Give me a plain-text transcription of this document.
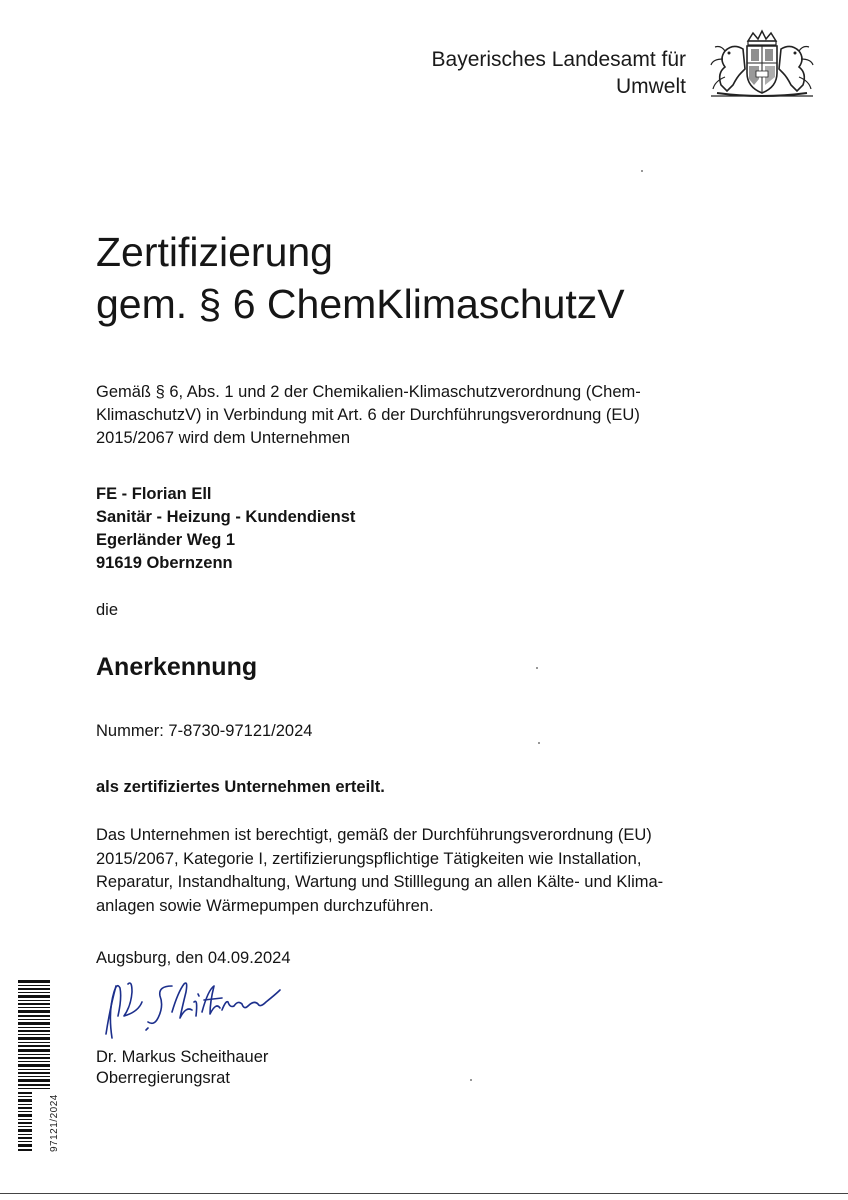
Bayerisches Landesamt für
Umwelt
Zertifizierung
gem. § 6 ChemKlimaschutzV
Gemäß § 6, Abs. 1 und 2 der Chemikalien-Klimaschutzverordnung (Chem-KlimaschutzV) in Verbindung mit Art. 6 der Durchführungsverordnung (EU) 2015/2067 wird dem Unternehmen
FE - Florian Ell
Sanitär - Heizung - Kundendienst
Egerländer Weg 1
91619 Obernzenn
die
Anerkennung
Nummer: 7-8730-97121/2024
als zertifiziertes Unternehmen erteilt.
Das Unternehmen ist berechtigt, gemäß der Durchführungsverordnung (EU) 2015/2067, Kategorie I, zertifizierungspflichtige Tätigkeiten wie Installation, Reparatur, Instandhaltung, Wartung und Stilllegung an allen Kälte- und Klima-anlagen sowie Wärmepumpen durchzuführen.
Augsburg, den 04.09.2024
Dr. Markus Scheithauer
Oberregierungsrat
97121/2024
